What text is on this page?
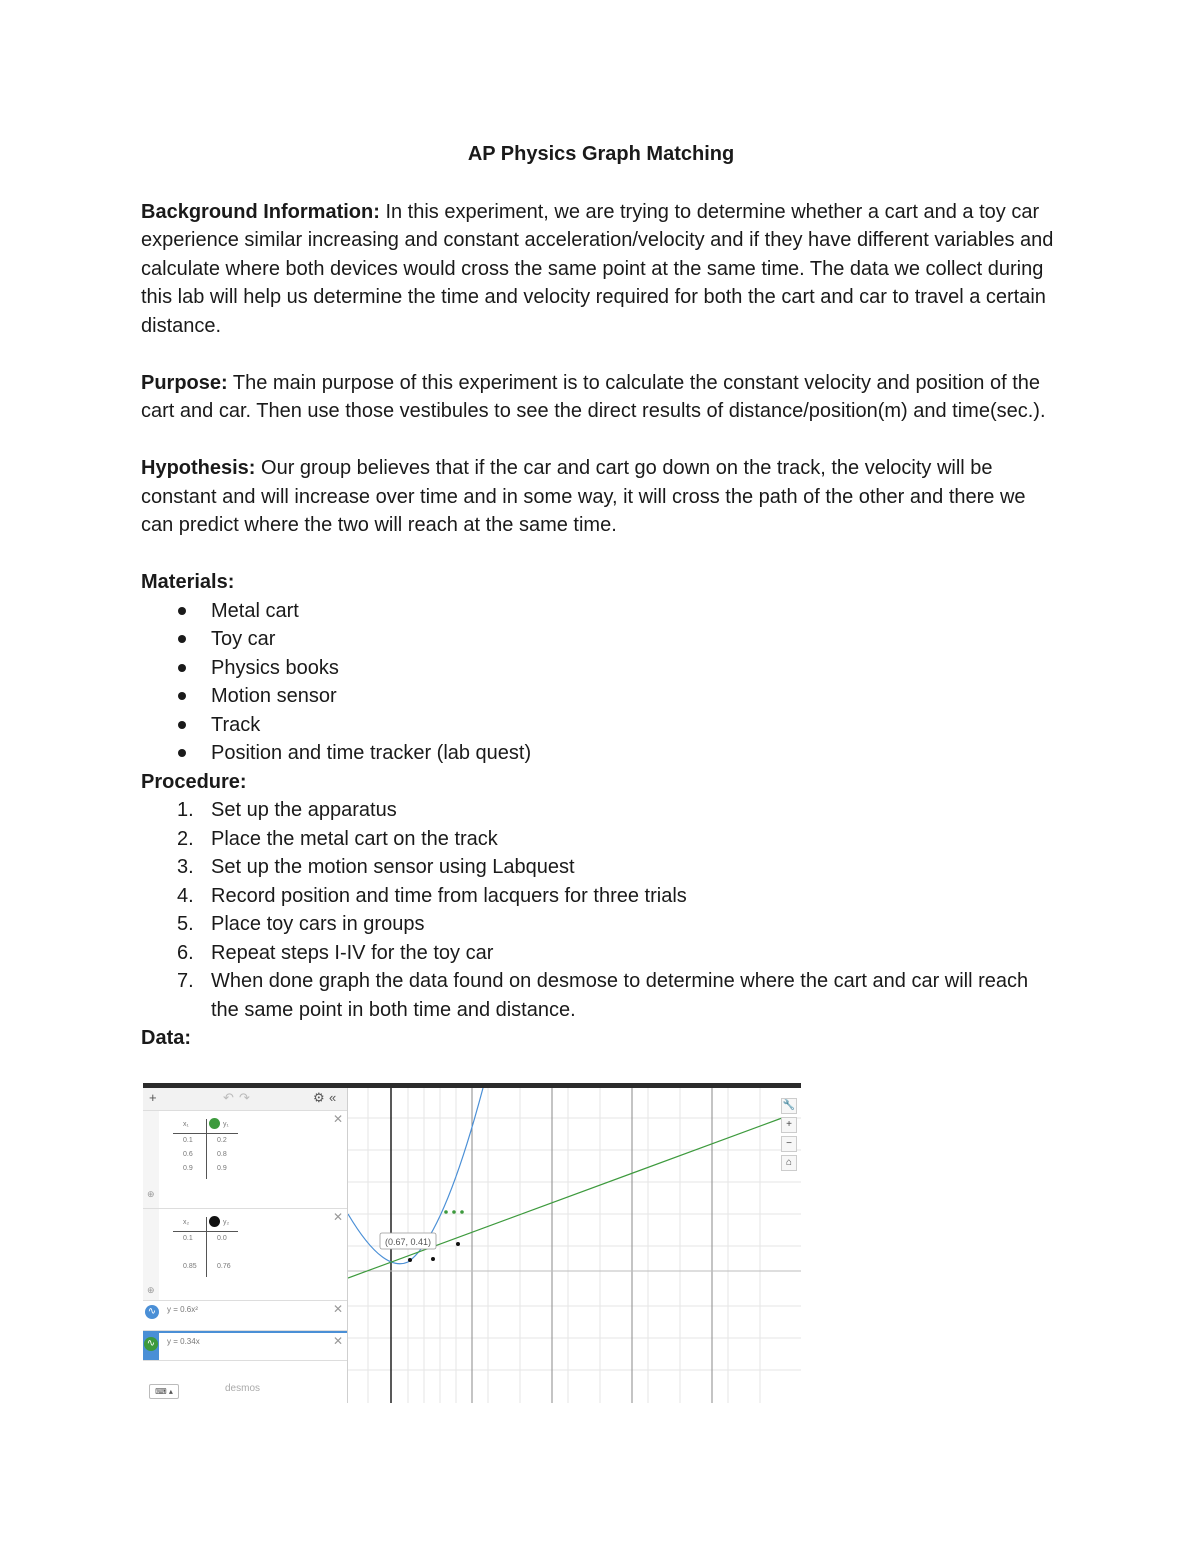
AP Physics Graph Matching

Background Information: In this experiment, we are trying to determine whether a cart and a toy car experience similar increasing and constant acceleration/velocity and if they have different variables and calculate where both devices would cross the same point at the same time. The data we collect during this lab will help us determine the time and velocity required for both the cart and car to travel a certain distance.

Purpose: The main purpose of this experiment is to calculate the constant velocity and position of the cart and car. Then use those vestibules to see the direct results of distance/position(m) and time(sec.).

Hypothesis: Our group believes that if the car and cart go down on the track, the velocity will be constant and will increase over time and in some way, it will cross the path of the other and there we can predict where the two will reach at the same time.

Materials:
Metal cart
Toy car
Physics books
Motion sensor
Track
Position and time tracker (lab quest)
Procedure:
1. Set up the apparatus
2. Place the metal cart on the track
3. Set up the motion sensor using Labquest
4. Record position and time from lacquers for three trials
5. Place toy cars in groups
6. Repeat steps I-IV for the toy car
7. When done graph the data found on desmose to determine where the cart and car will reach the same point in both time and distance.
Data:
+	↶ ↷	⚙ «
✕
x₁	y₁
0.1	0.2
0.6	0.8
0.9	0.9
⊕
✕
x₂	y₂
0.1	0.0
0.85	0.76
⊕
∿	y = 0.6x²	✕
∿	y = 0.34x	✕
⌨ ▴	desmos
(0.67, 0.41)
🔧
+
−
⌂
